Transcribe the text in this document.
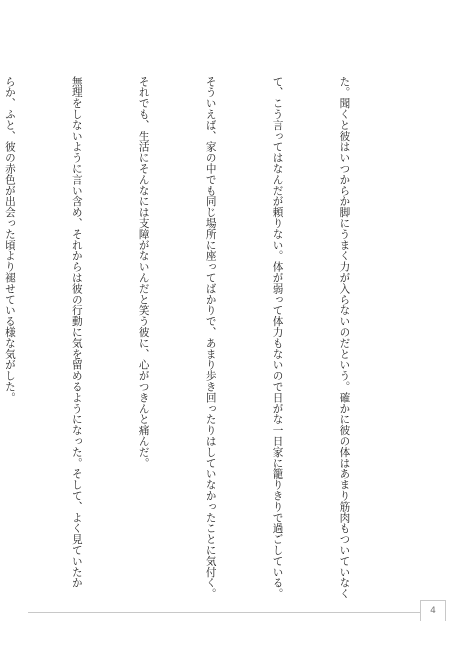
た。聞くと彼はいつからか脚にうまく力が入らないのだという。確かに彼の体はあまり筋肉もついていなく

て、こう言ってはなんだが頼りない。体が弱って体力もないので日がな一日家に籠りきりで過ごしている。

そういえば、家の中でも同じ場所に座ってばかりで、あまり歩き回ったりはしていなかったことに気付く。

それでも、生活にそんなには支障がないんだと笑う彼に、心がつきんと痛んだ。

無理をしないように言い含め、それからは彼の行動に気を留めるようになった。そして、よく見ていたか

らか、ふと、彼の赤色が出会った頃より褪せている様な気がした。

4
